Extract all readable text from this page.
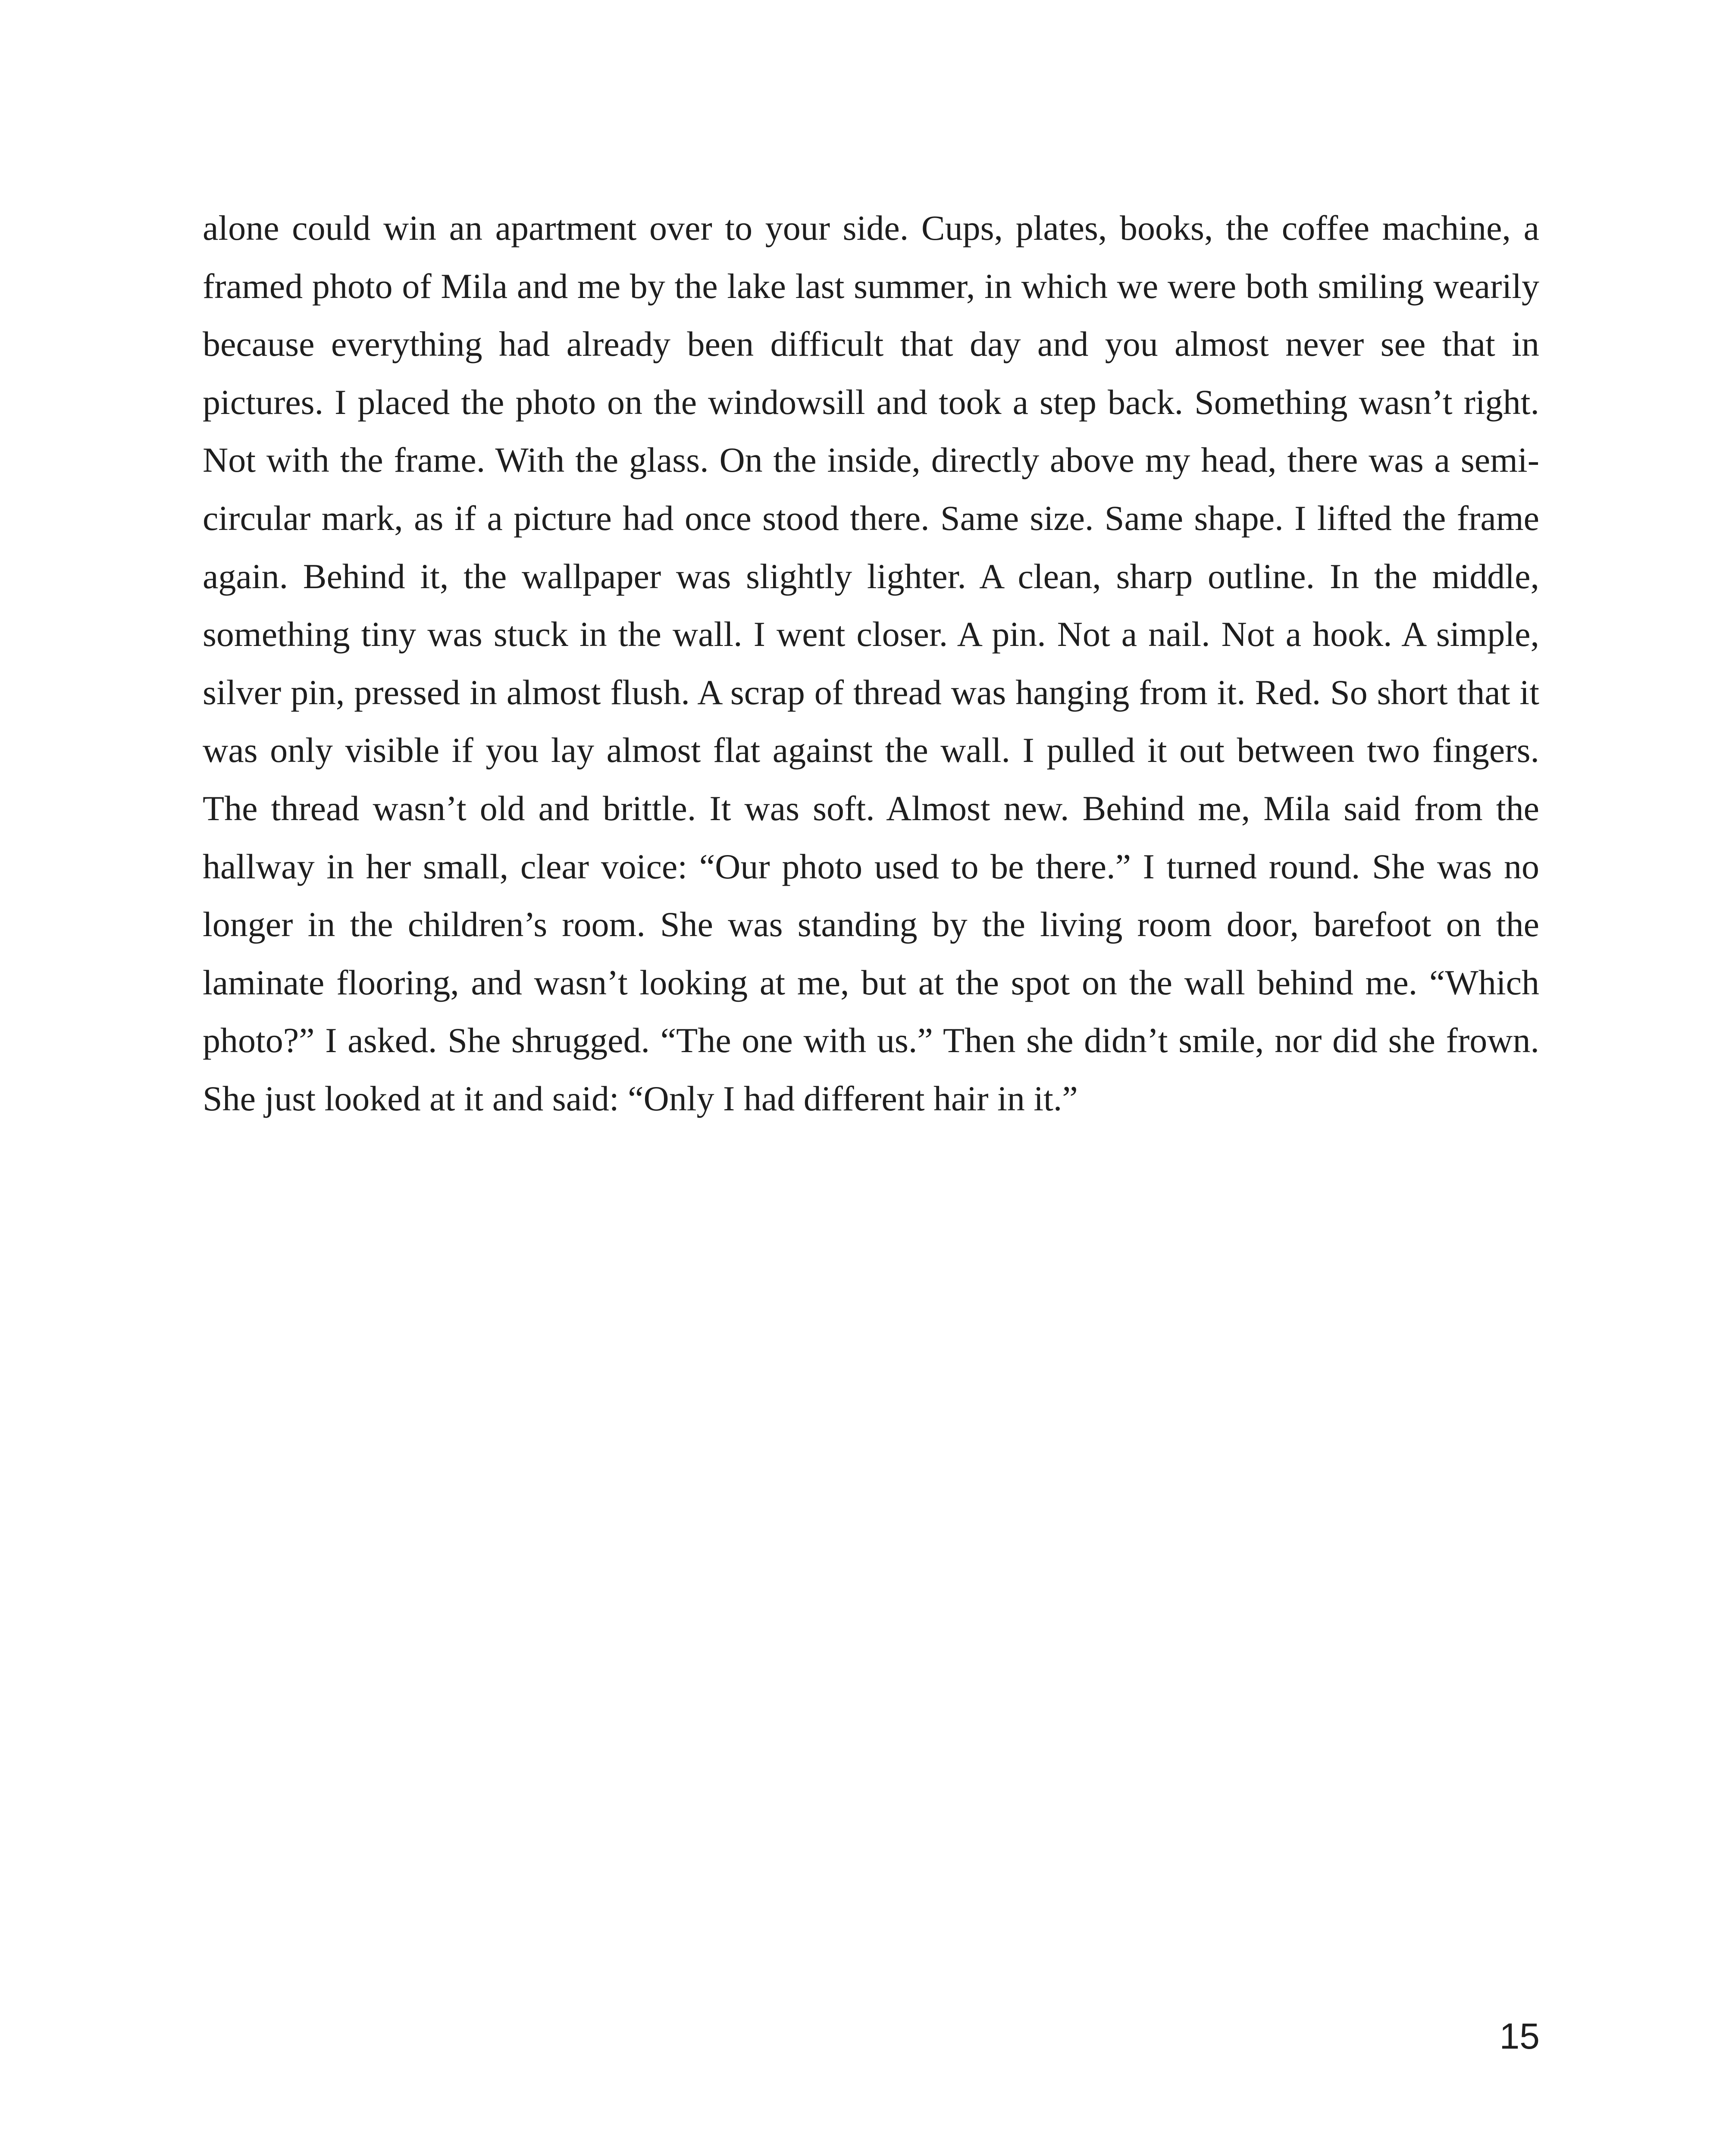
alone could win an apartment over to your side. Cups, plates, books, the coffee machine, a framed photo of Mila and me by the lake last summer, in which we were both smiling wearily because everything had already been difficult that day and you almost never see that in pictures. I placed the photo on the windowsill and took a step back. Something wasn’t right. Not with the frame. With the glass. On the inside, directly above my head, there was a semi-circular mark, as if a picture had once stood there. Same size. Same shape. I lifted the frame again. Behind it, the wallpaper was slightly lighter. A clean, sharp outline. In the middle, something tiny was stuck in the wall. I went closer. A pin. Not a nail. Not a hook. A simple, silver pin, pressed in almost flush. A scrap of thread was hanging from it. Red. So short that it was only visible if you lay almost flat against the wall. I pulled it out between two fingers. The thread wasn’t old and brittle. It was soft. Almost new. Behind me, Mila said from the hallway in her small, clear voice: “Our photo used to be there.” I turned round. She was no longer in the children’s room. She was standing by the living room door, barefoot on the laminate flooring, and wasn’t looking at me, but at the spot on the wall behind me. “Which photo?” I asked. She shrugged. “The one with us.” Then she didn’t smile, nor did she frown. She just looked at it and said: “Only I had different hair in it.”

15
